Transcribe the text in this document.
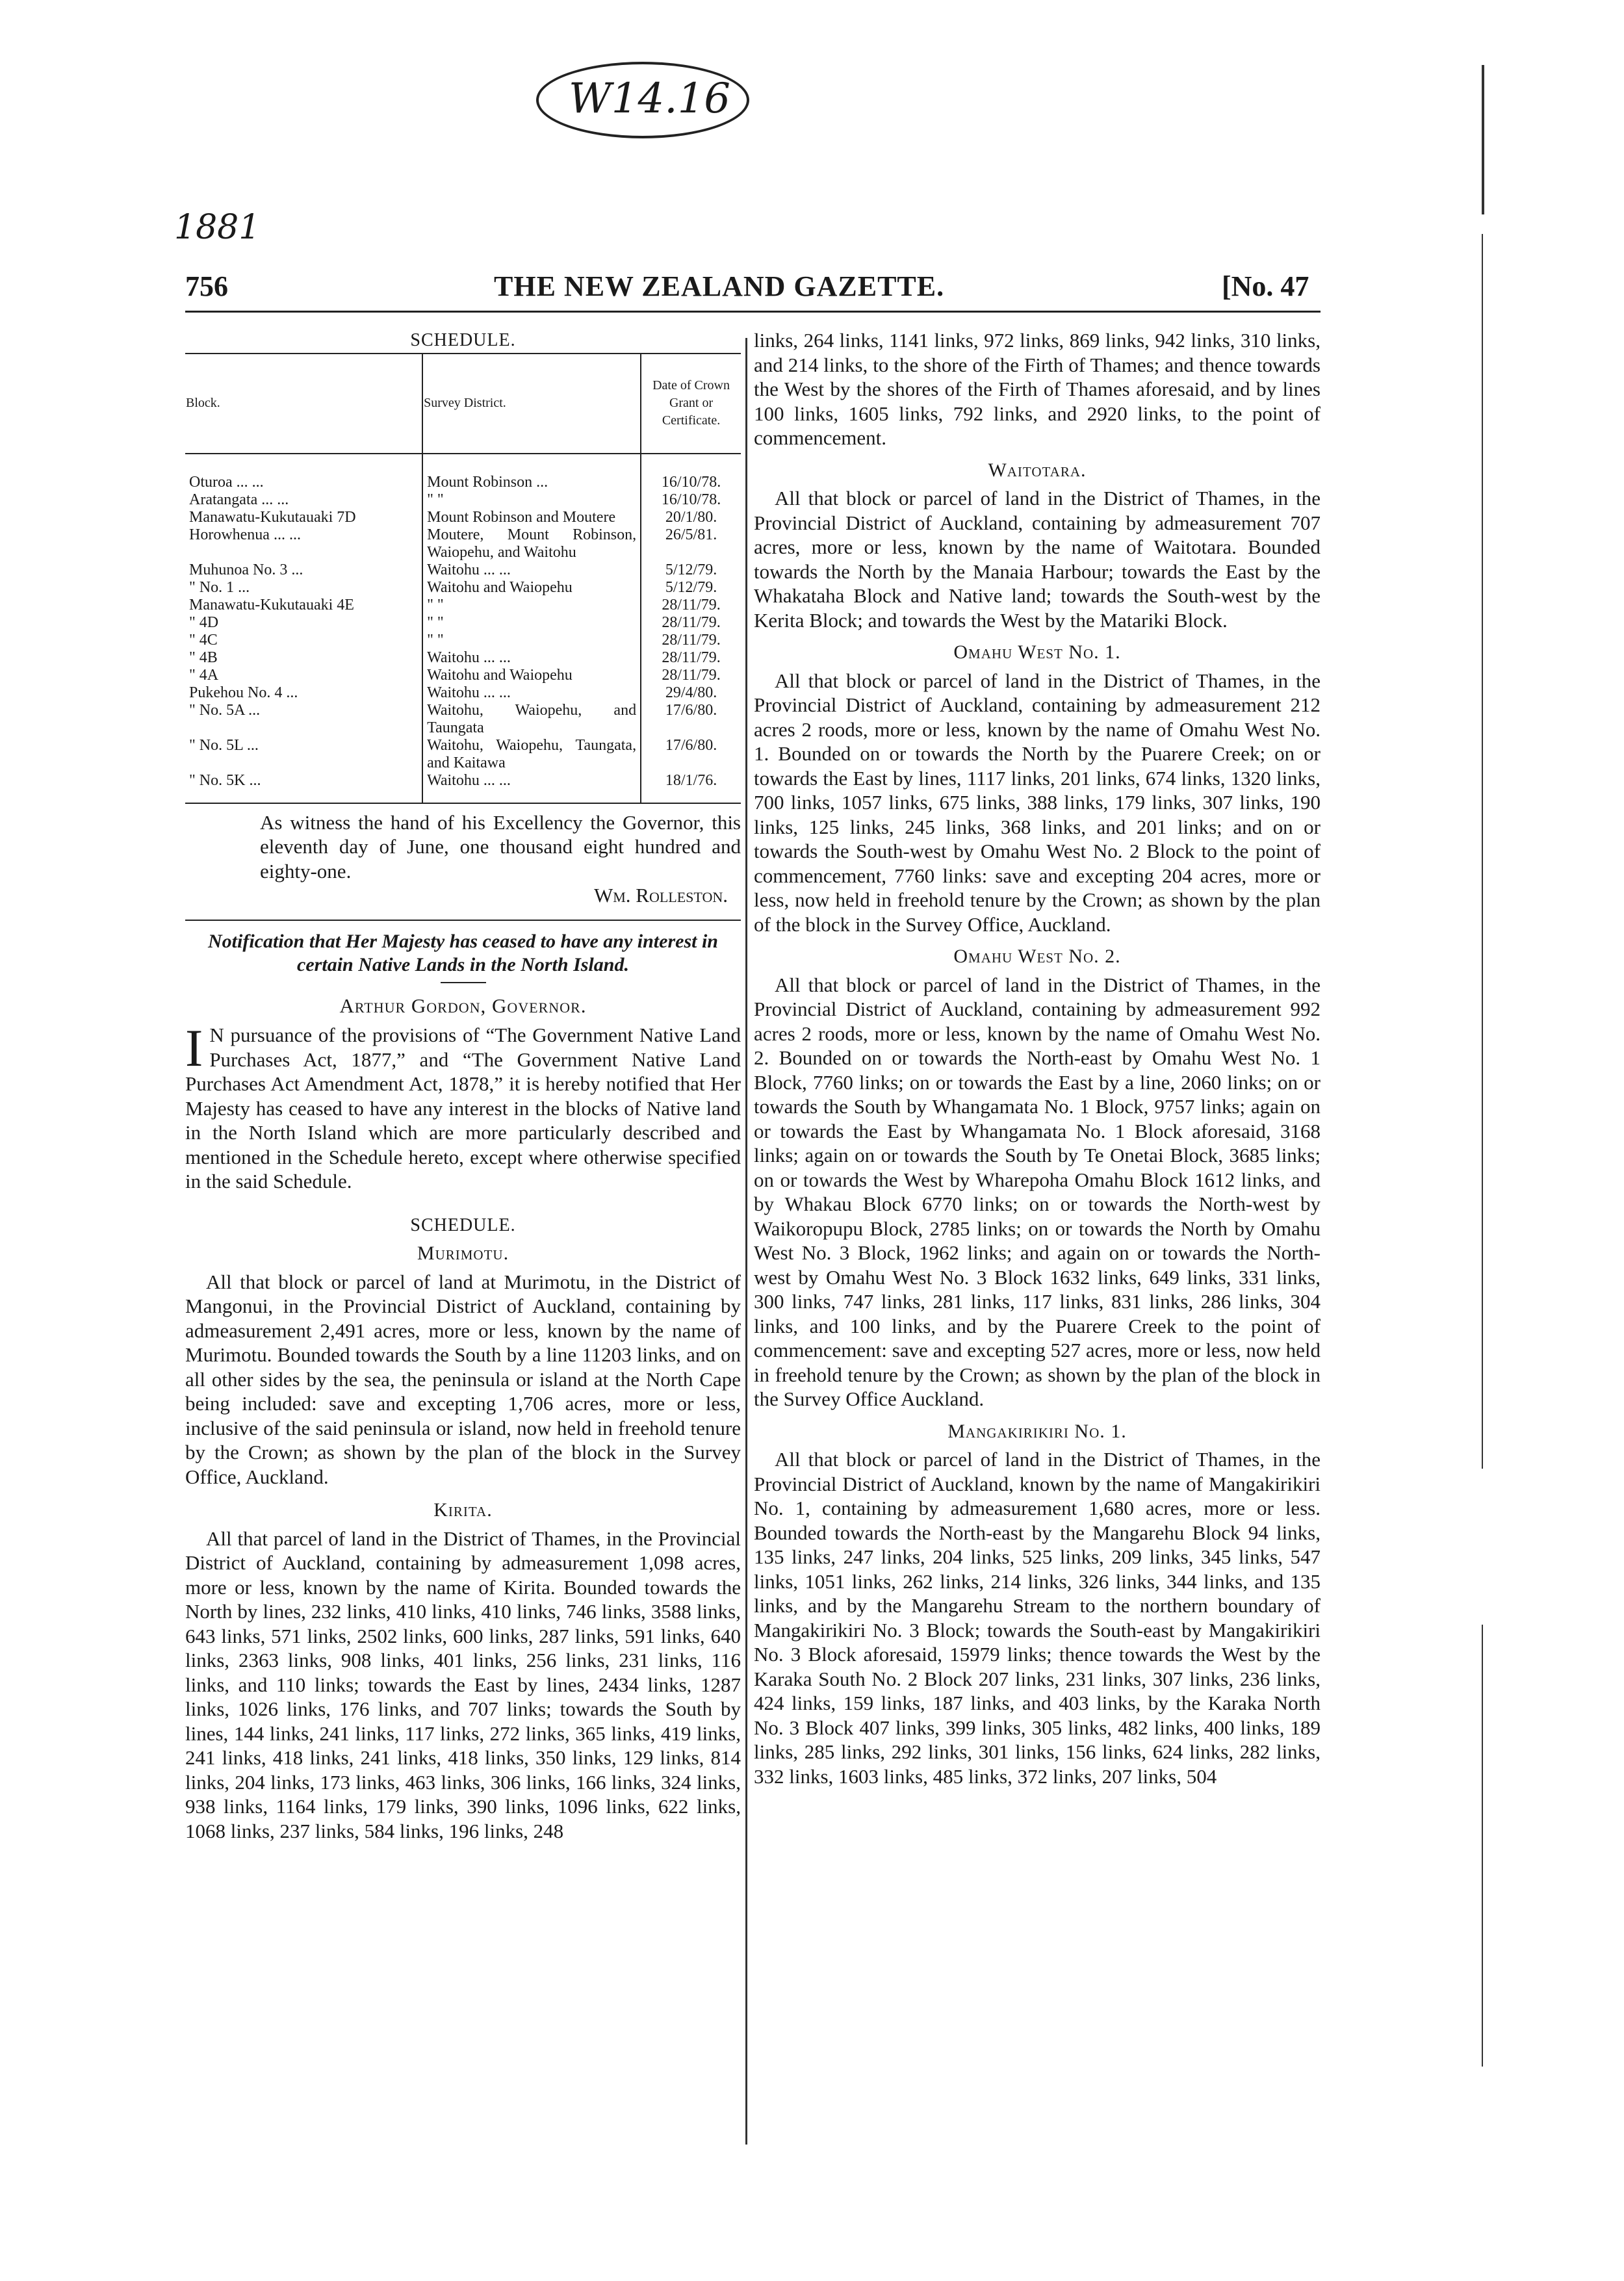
W14.16
1881
756	THE NEW ZEALAND GAZETTE.	[No. 47
SCHEDULE.
Block.	Survey District.	Date of Crown Grant or Certificate.
Oturoa ... ...	Mount Robinson ...	16/10/78.
Aratangata ... ...	" "	16/10/78.
Manawatu-Kukutauaki 7D	Mount Robinson and Moutere	20/1/80.
Horowhenua ... ...	Moutere, Mount Robinson, Waiopehu, and Waitohu	26/5/81.
Muhunoa No. 3 ...	Waitohu ... ...	5/12/79.
" No. 1 ...	Waitohu and Waiopehu	5/12/79.
Manawatu-Kukutauaki 4E	" "	28/11/79.
" 4D	" "	28/11/79.
" 4C	" "	28/11/79.
" 4B	Waitohu ... ...	28/11/79.
" 4A	Waitohu and Waiopehu	28/11/79.
Pukehou No. 4 ...	Waitohu ... ...	29/4/80.
" No. 5A ...	Waitohu, Waiopehu, and Taungata	17/6/80.
" No. 5L ...	Waitohu, Waiopehu, Taungata, and Kaitawa	17/6/80.
" No. 5K ...	Waitohu ... ...	18/1/76.

As witness the hand of his Excellency the Governor, this eleventh day of June, one thousand eight hundred and eighty-one.

Wm. Rolleston.
Notification that Her Majesty has ceased to have any interest in certain Native Lands in the North Island.
Arthur Gordon, Governor.
I N pursuance of the provisions of “The Government Native Land Purchases Act, 1877,” and “The Government Native Land Purchases Act Amendment Act, 1878,” it is hereby notified that Her Majesty has ceased to have any interest in the blocks of Native land in the North Island which are more particularly described and mentioned in the Schedule hereto, except where otherwise specified in the said Schedule.
SCHEDULE.
Murimotu.

All that block or parcel of land at Murimotu, in the District of Mangonui, in the Provincial District of Auckland, containing by admeasurement 2,491 acres, more or less, known by the name of Murimotu. Bounded towards the South by a line 11203 links, and on all other sides by the sea, the peninsula or island at the North Cape being included: save and excepting 1,706 acres, more or less, inclusive of the said peninsula or island, now held in freehold tenure by the Crown; as shown by the plan of the block in the Survey Office, Auckland.

Kirita.

All that parcel of land in the District of Thames, in the Provincial District of Auckland, containing by admeasurement 1,098 acres, more or less, known by the name of Kirita. Bounded towards the North by lines, 232 links, 410 links, 410 links, 746 links, 3588 links, 643 links, 571 links, 2502 links, 600 links, 287 links, 591 links, 640 links, 2363 links, 908 links, 401 links, 256 links, 231 links, 116 links, and 110 links; towards the East by lines, 2434 links, 1287 links, 1026 links, 176 links, and 707 links; towards the South by lines, 144 links, 241 links, 117 links, 272 links, 365 links, 419 links, 241 links, 418 links, 241 links, 418 links, 350 links, 129 links, 814 links, 204 links, 173 links, 463 links, 306 links, 166 links, 324 links, 938 links, 1164 links, 179 links, 390 links, 1096 links, 622 links, 1068 links, 237 links, 584 links, 196 links, 248

links, 264 links, 1141 links, 972 links, 869 links, 942 links, 310 links, and 214 links, to the shore of the Firth of Thames; and thence towards the West by the shores of the Firth of Thames aforesaid, and by lines 100 links, 1605 links, 792 links, and 2920 links, to the point of commencement.

Waitotara.

All that block or parcel of land in the District of Thames, in the Provincial District of Auckland, containing by admeasurement 707 acres, more or less, known by the name of Waitotara. Bounded towards the North by the Manaia Harbour; towards the East by the Whakataha Block and Native land; towards the South-west by the Kerita Block; and towards the West by the Matariki Block.

Omahu West No. 1.

All that block or parcel of land in the District of Thames, in the Provincial District of Auckland, containing by admeasurement 212 acres 2 roods, more or less, known by the name of Omahu West No. 1. Bounded on or towards the North by the Puarere Creek; on or towards the East by lines, 1117 links, 201 links, 674 links, 1320 links, 700 links, 1057 links, 675 links, 388 links, 179 links, 307 links, 190 links, 125 links, 245 links, 368 links, and 201 links; and on or towards the South-west by Omahu West No. 2 Block to the point of commencement, 7760 links: save and excepting 204 acres, more or less, now held in freehold tenure by the Crown; as shown by the plan of the block in the Survey Office, Auckland.

Omahu West No. 2.

All that block or parcel of land in the District of Thames, in the Provincial District of Auckland, containing by admeasurement 992 acres 2 roods, more or less, known by the name of Omahu West No. 2. Bounded on or towards the North-east by Omahu West No. 1 Block, 7760 links; on or towards the East by a line, 2060 links; on or towards the South by Whangamata No. 1 Block, 9757 links; again on or towards the East by Whangamata No. 1 Block aforesaid, 3168 links; again on or towards the South by Te Onetai Block, 3685 links; on or towards the West by Wharepoha Omahu Block 1612 links, and by Whakau Block 6770 links; on or towards the North-west by Waikoropupu Block, 2785 links; on or towards the North by Omahu West No. 3 Block, 1962 links; and again on or towards the North-west by Omahu West No. 3 Block 1632 links, 649 links, 331 links, 300 links, 747 links, 281 links, 117 links, 831 links, 286 links, 304 links, and 100 links, and by the Puarere Creek to the point of commencement: save and excepting 527 acres, more or less, now held in freehold tenure by the Crown; as shown by the plan of the block in the Survey Office Auckland.

Mangakirikiri No. 1.

All that block or parcel of land in the District of Thames, in the Provincial District of Auckland, known by the name of Mangakirikiri No. 1, containing by admeasurement 1,680 acres, more or less. Bounded towards the North-east by the Mangarehu Block 94 links, 135 links, 247 links, 204 links, 525 links, 209 links, 345 links, 547 links, 1051 links, 262 links, 214 links, 326 links, 344 links, and 135 links, and by the Mangarehu Stream to the northern boundary of Mangakirikiri No. 3 Block; towards the South-east by Mangakirikiri No. 3 Block aforesaid, 15979 links; thence towards the West by the Karaka South No. 2 Block 207 links, 231 links, 307 links, 236 links, 424 links, 159 links, 187 links, and 403 links, by the Karaka North No. 3 Block 407 links, 399 links, 305 links, 482 links, 400 links, 189 links, 285 links, 292 links, 301 links, 156 links, 624 links, 282 links, 332 links, 1603 links, 485 links, 372 links, 207 links, 504
